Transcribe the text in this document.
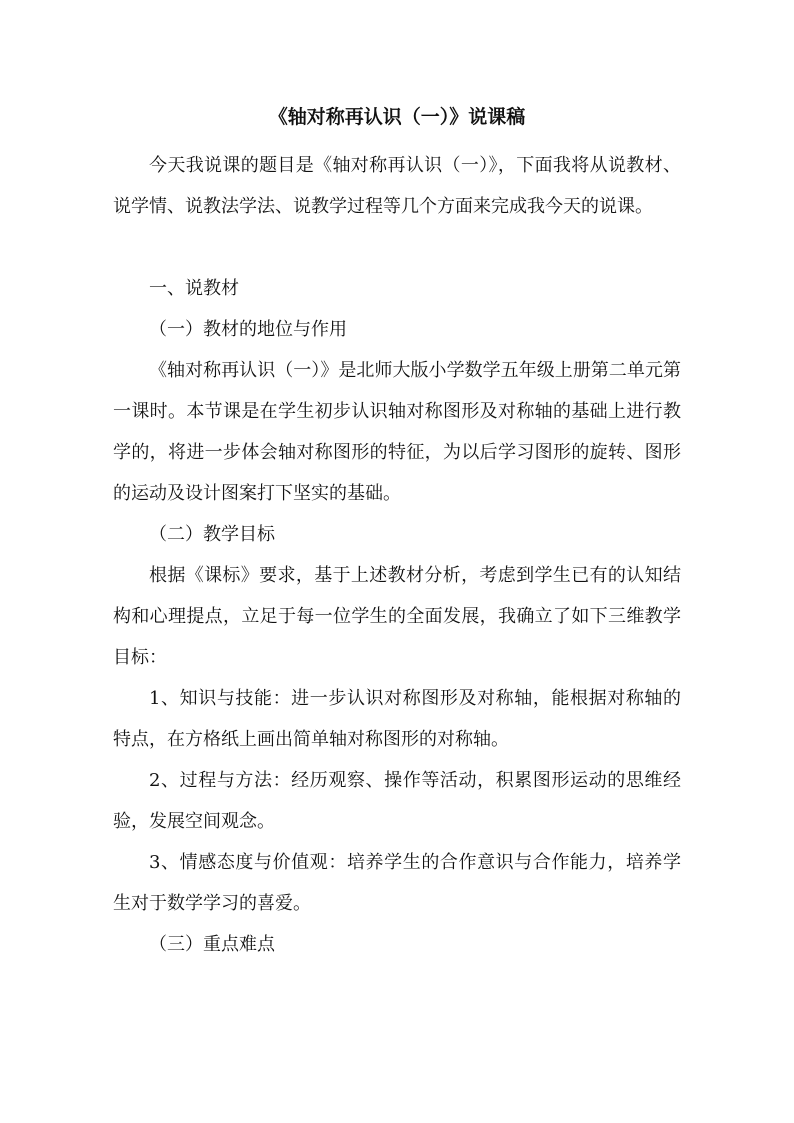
《轴对称再认识（一）》说课稿

今天我说课的题目是《轴对称再认识（一）》，下面我将从说教材、说学情、说教法学法、说教学过程等几个方面来完成我今天的说课。

一、说教材

（一）教材的地位与作用

《轴对称再认识（一）》是北师大版小学数学五年级上册第二单元第一课时。本节课是在学生初步认识轴对称图形及对称轴的基础上进行教学的，将进一步体会轴对称图形的特征，为以后学习图形的旋转、图形的运动及设计图案打下坚实的基础。

（二）教学目标

根据《课标》要求，基于上述教材分析，考虑到学生已有的认知结构和心理提点，立足于每一位学生的全面发展，我确立了如下三维教学目标：

1、知识与技能：进一步认识对称图形及对称轴，能根据对称轴的特点，在方格纸上画出简单轴对称图形的对称轴。

2、过程与方法：经历观察、操作等活动，积累图形运动的思维经验，发展空间观念。

3、情感态度与价值观：培养学生的合作意识与合作能力，培养学生对于数学学习的喜爱。

（三）重点难点
